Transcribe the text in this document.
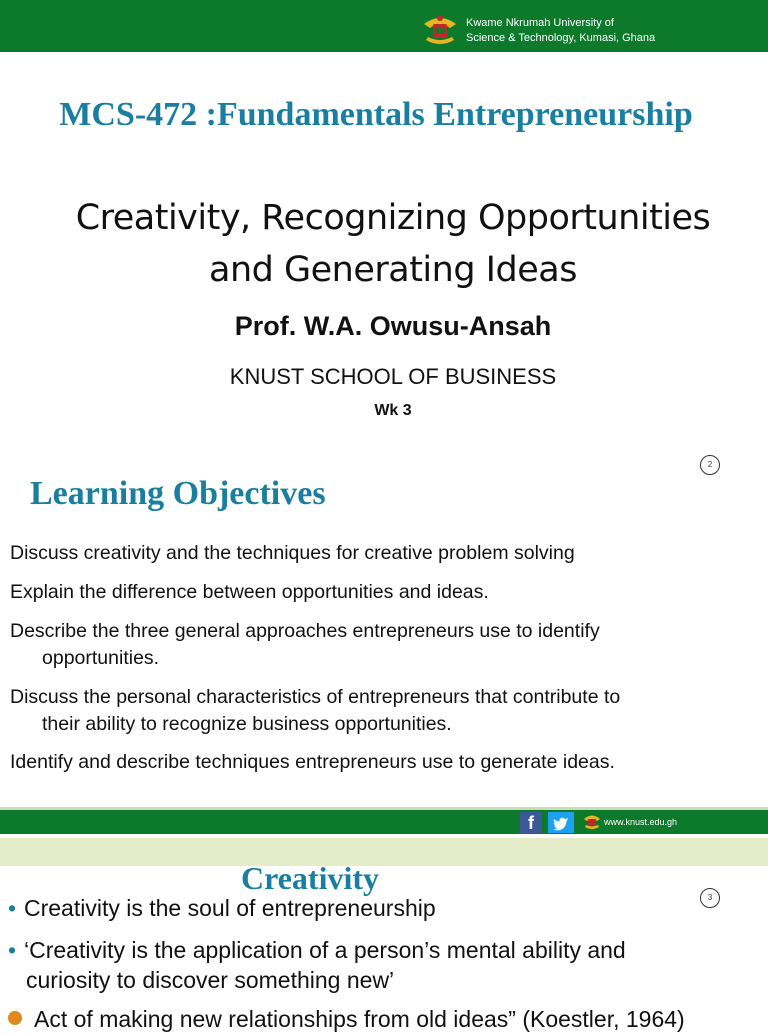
Kwame Nkrumah University of
Science & Technology, Kumasi, Ghana
MCS-472 :Fundamentals Entrepreneurship
Creativity, Recognizing Opportunities
and Generating Ideas
Prof. W.A. Owusu-Ansah
KNUST SCHOOL OF BUSINESS
Wk 3
2
Learning Objectives
Discuss creativity and the techniques for creative problem solving
Explain the difference between opportunities and ideas.
Describe the three general approaches entrepreneurs use to identify
opportunities.
Discuss the personal characteristics of entrepreneurs that contribute to
their ability to recognize business opportunities.
Identify and describe techniques entrepreneurs use to generate ideas.
f	www.knust.edu.gh
Creativity
3
• Creativity is the soul of entrepreneurship
• ‘Creativity is the application of a person’s mental ability and
curiosity to discover something new’
Act of making new relationships from old ideas” (Koestler, 1964)
